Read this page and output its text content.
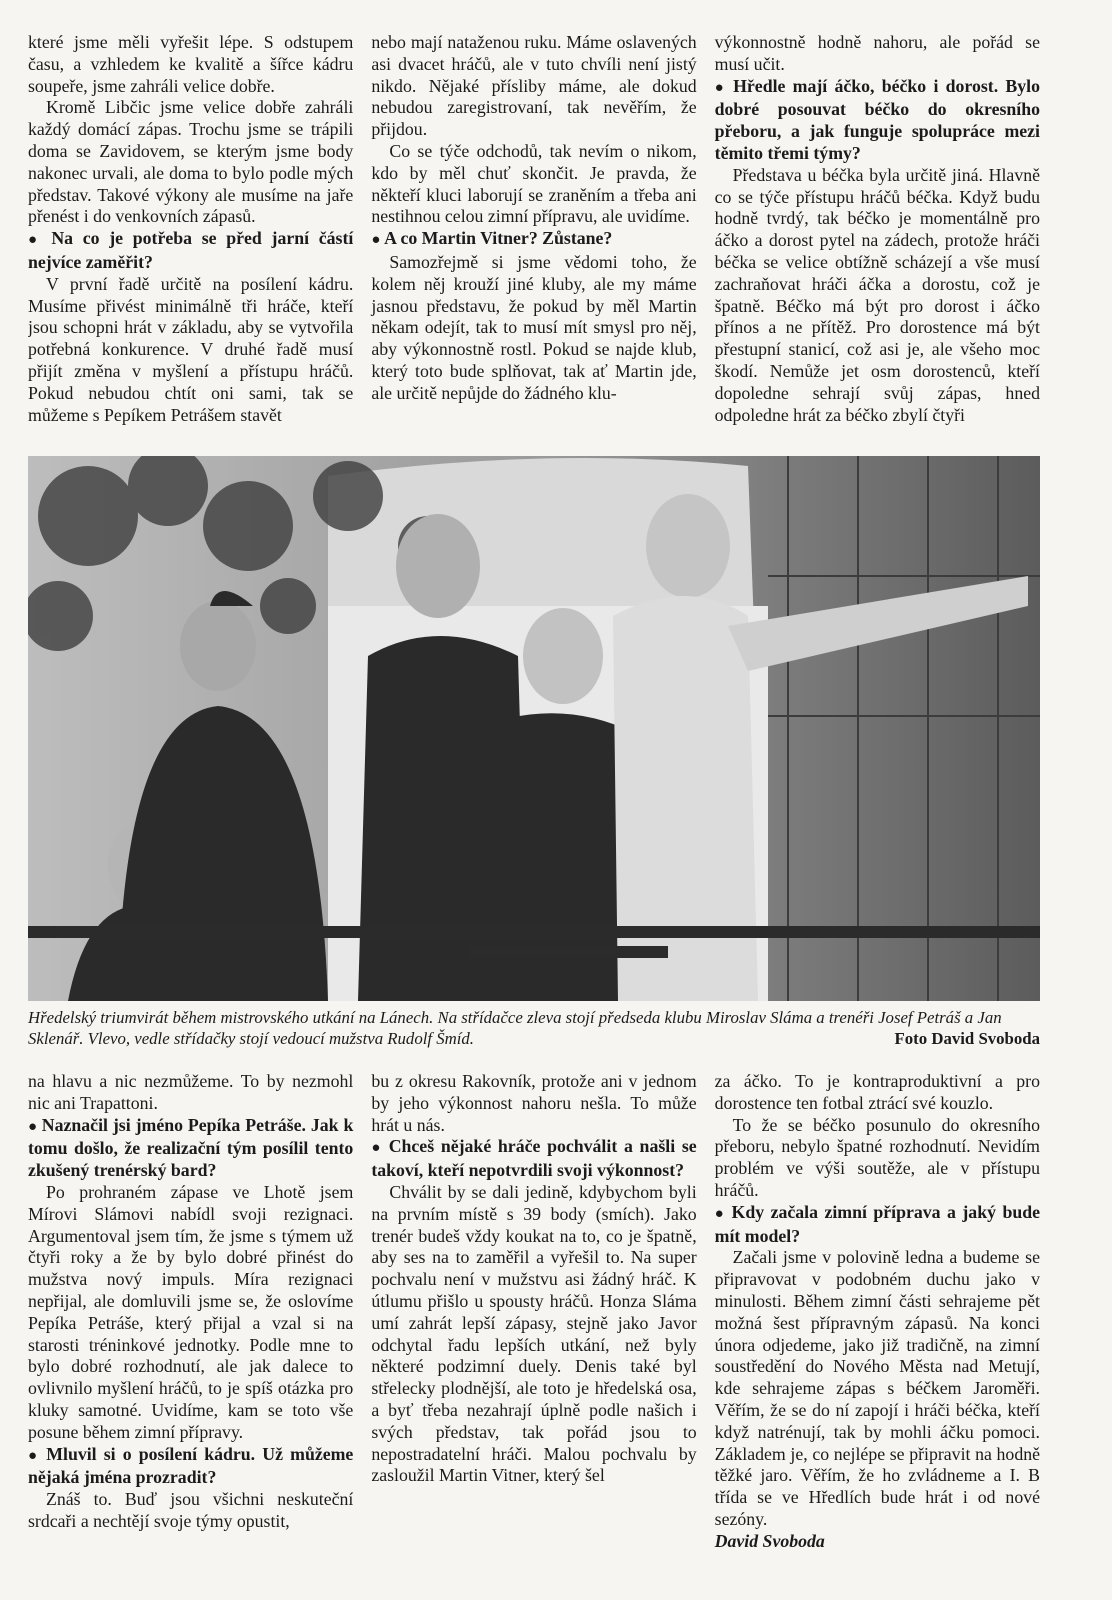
které jsme měli vyřešit lépe. S odstupem času, a vzhledem ke kvalitě a šířce kádru soupeře, jsme zahráli velice dobře.

Kromě Libčic jsme velice dobře zahráli každý domácí zápas. Trochu jsme se trápili doma se Zavidovem, se kterým jsme body nakonec urvali, ale doma to bylo podle mých představ. Takové výkony ale musíme na jaře přenést i do venkovních zápasů.

● Na co je potřeba se před jarní částí nejvíce zaměřit?

V první řadě určitě na posílení kádru. Musíme přivést minimálně tři hráče, kteří jsou schopni hrát v základu, aby se vytvořila potřebná konkurence. V druhé řadě musí přijít změna v myšlení a přístupu hráčů. Pokud nebudou chtít oni sami, tak se můžeme s Pepíkem Petrášem stavět

nebo mají nataženou ruku. Máme oslavených asi dvacet hráčů, ale v tuto chvíli není jistý nikdo. Nějaké přísliby máme, ale dokud nebudou zaregistrovaní, tak nevěřím, že přijdou.

Co se týče odchodů, tak nevím o nikom, kdo by měl chuť skončit. Je pravda, že někteří kluci laborují se zraněním a třeba ani nestihnou celou zimní přípravu, ale uvidíme.

● A co Martin Vitner? Zůstane?

Samozřejmě si jsme vědomi toho, že kolem něj krouží jiné kluby, ale my máme jasnou představu, že pokud by měl Martin někam odejít, tak to musí mít smysl pro něj, aby výkonnostně rostl. Pokud se najde klub, který toto bude splňovat, tak ať Martin jde, ale určitě nepůjde do žádného klu-

výkonnostně hodně nahoru, ale pořád se musí učit.

● Hředle mají áčko, béčko i dorost. Bylo dobré posouvat béčko do okresního přeboru, a jak funguje spolupráce mezi těmito třemi týmy?

Představa u béčka byla určitě jiná. Hlavně co se týče přístupu hráčů béčka. Když budu hodně tvrdý, tak béčko je momentálně pro áčko a dorost pytel na zádech, protože hráči béčka se velice obtížně scházejí a vše musí zachraňovat hráči áčka a dorostu, což je špatně. Béčko má být pro dorost i áčko přínos a ne přítěž. Pro dorostence má být přestupní stanicí, což asi je, ale všeho moc škodí. Nemůže jet osm dorostenců, kteří dopoledne sehrají svůj zápas, hned odpoledne hrát za béčko zbylí čtyři

Hředelský triumvirát během mistrovského utkání na Lánech. Na střídačce zleva stojí předseda klubu Miroslav Sláma a trenéři Josef Petráš a Jan Sklenář. Vlevo, vedle střídačky stojí vedoucí mužstva Rudolf Šmíd.	Foto David Svoboda

na hlavu a nic nezmůžeme. To by nezmohl nic ani Trapattoni.

● Naznačil jsi jméno Pepíka Petráše. Jak k tomu došlo, že realizační tým posílil tento zkušený trenérský bard?

Po prohraném zápase ve Lhotě jsem Mírovi Slámovi nabídl svoji rezignaci. Argumentoval jsem tím, že jsme s týmem už čtyři roky a že by bylo dobré přinést do mužstva nový impuls. Míra rezignaci nepřijal, ale domluvili jsme se, že oslovíme Pepíka Petráše, který přijal a vzal si na starosti tréninkové jednotky. Podle mne to bylo dobré rozhodnutí, ale jak dalece to ovlivnilo myšlení hráčů, to je spíš otázka pro kluky samotné. Uvidíme, kam se toto vše posune během zimní přípravy.

● Mluvil si o posílení kádru. Už můžeme nějaká jména prozradit?

Znáš to. Buď jsou všichni neskuteční srdcaři a nechtějí svoje týmy opustit,

bu z okresu Rakovník, protože ani v jednom by jeho výkonnost nahoru nešla. To může hrát u nás.

● Chceš nějaké hráče pochválit a našli se takoví, kteří nepotvrdili svoji výkonnost?

Chválit by se dali jedině, kdybychom byli na prvním místě s 39 body (smích). Jako trenér budeš vždy koukat na to, co je špatně, aby ses na to zaměřil a vyřešil to. Na super pochvalu není v mužstvu asi žádný hráč. K útlumu přišlo u spousty hráčů. Honza Sláma umí zahrát lepší zápasy, stejně jako Javor odchytal řadu lepších utkání, než byly některé podzimní duely. Denis také byl střelecky plodnější, ale toto je hředelská osa, a byť třeba nezahrají úplně podle našich i svých představ, tak pořád jsou to nepostradatelní hráči. Malou pochvalu by zasloužil Martin Vitner, který šel

za áčko. To je kontraproduktivní a pro dorostence ten fotbal ztrácí své kouzlo.

To že se béčko posunulo do okresního přeboru, nebylo špatné rozhodnutí. Nevidím problém ve výši soutěže, ale v přístupu hráčů.

● Kdy začala zimní příprava a jaký bude mít model?

Začali jsme v polovině ledna a budeme se připravovat v podobném duchu jako v minulosti. Během zimní části sehrajeme pět možná šest přípravným zápasů. Na konci února odjedeme, jako již tradičně, na zimní soustředění do Nového Města nad Metují, kde sehrajeme zápas s béčkem Jaroměři. Věřím, že se do ní zapojí i hráči béčka, kteří když natrénují, tak by mohli áčku pomoci. Základem je, co nejlépe se připravit na hodně těžké jaro. Věřím, že ho zvládneme a I. B třída se ve Hředlích bude hrát i od nové sezóny.

David Svoboda
